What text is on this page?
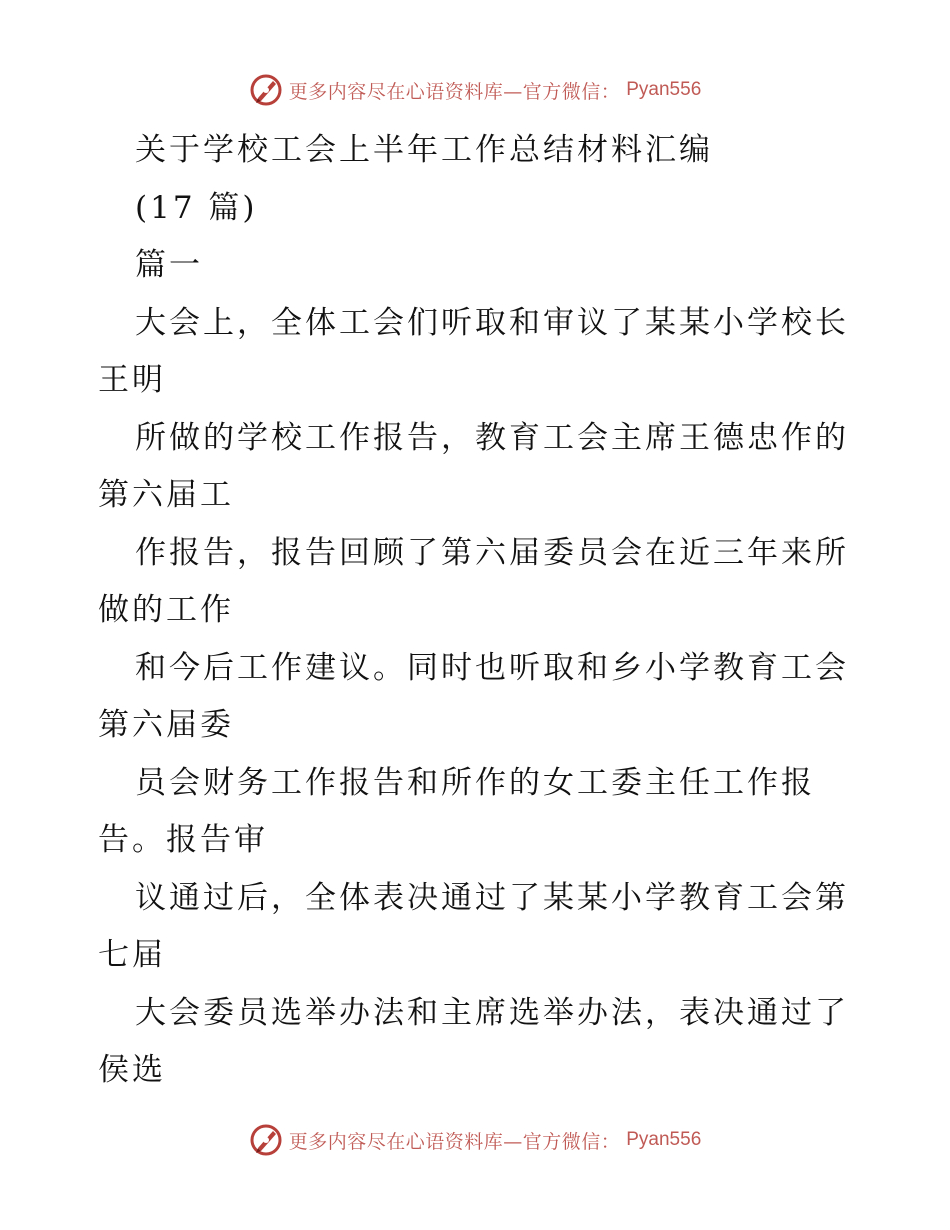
更多内容尽在心语资料库—官方微信： Pyan556
关于学校工会上半年工作总结材料汇编
(17 篇)
篇一
大会上，全体工会们听取和审议了某某小学校长
王明
所做的学校工作报告，教育工会主席王德忠作的
第六届工
作报告，报告回顾了第六届委员会在近三年来所
做的工作
和今后工作建议。同时也听取和乡小学教育工会
第六届委
员会财务工作报告和所作的女工委主任工作报
告。报告审
议通过后，全体表决通过了某某小学教育工会第
七届
大会委员选举办法和主席选举办法，表决通过了
侯选
更多内容尽在心语资料库—官方微信： Pyan556
